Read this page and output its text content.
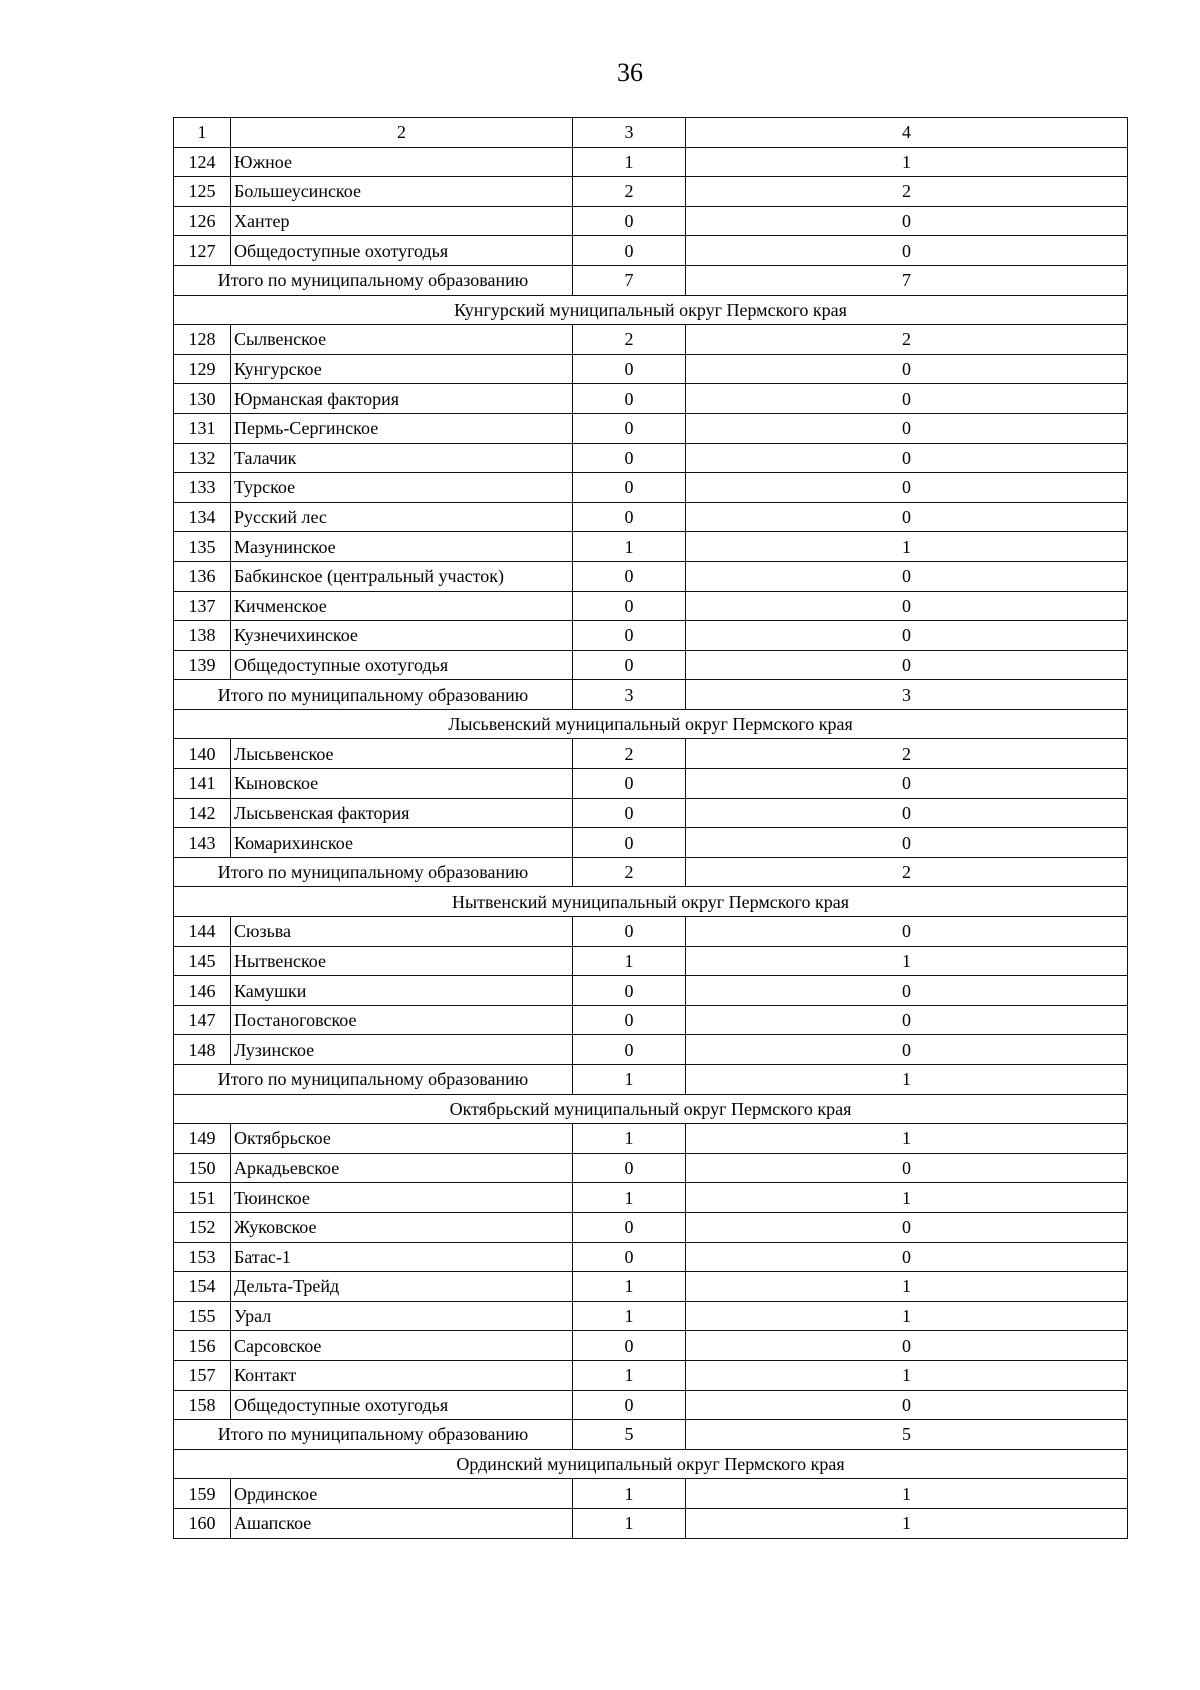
36
1	2	3	4
124	Южное	1	1
125	Большеусинское	2	2
126	Хантер	0	0
127	Общедоступные охотугодья	0	0
Итого по муниципальному образованию		7	7
Кунгурский муниципальный округ Пермского края			
128	Сылвенское	2	2
129	Кунгурское	0	0
130	Юрманская фактория	0	0
131	Пермь-Сергинское	0	0
132	Талачик	0	0
133	Турское	0	0
134	Русский лес	0	0
135	Мазунинское	1	1
136	Бабкинское (центральный участок)	0	0
137	Кичменское	0	0
138	Кузнечихинское	0	0
139	Общедоступные охотугодья	0	0
Итого по муниципальному образованию		3	3
Лысьвенский муниципальный округ Пермского края			
140	Лысьвенское	2	2
141	Кыновское	0	0
142	Лысьвенская фактория	0	0
143	Комарихинское	0	0
Итого по муниципальному образованию		2	2
Нытвенский муниципальный округ Пермского края			
144	Сюзьва	0	0
145	Нытвенское	1	1
146	Камушки	0	0
147	Постаноговское	0	0
148	Лузинское	0	0
Итого по муниципальному образованию		1	1
Октябрьский муниципальный округ Пермского края			
149	Октябрьское	1	1
150	Аркадьевское	0	0
151	Тюинское	1	1
152	Жуковское	0	0
153	Батас-1	0	0
154	Дельта-Трейд	1	1
155	Урал	1	1
156	Сарсовское	0	0
157	Контакт	1	1
158	Общедоступные охотугодья	0	0
Итого по муниципальному образованию		5	5
Ординский муниципальный округ Пермского края			
159	Ординское	1	1
160	Ашапское	1	1
